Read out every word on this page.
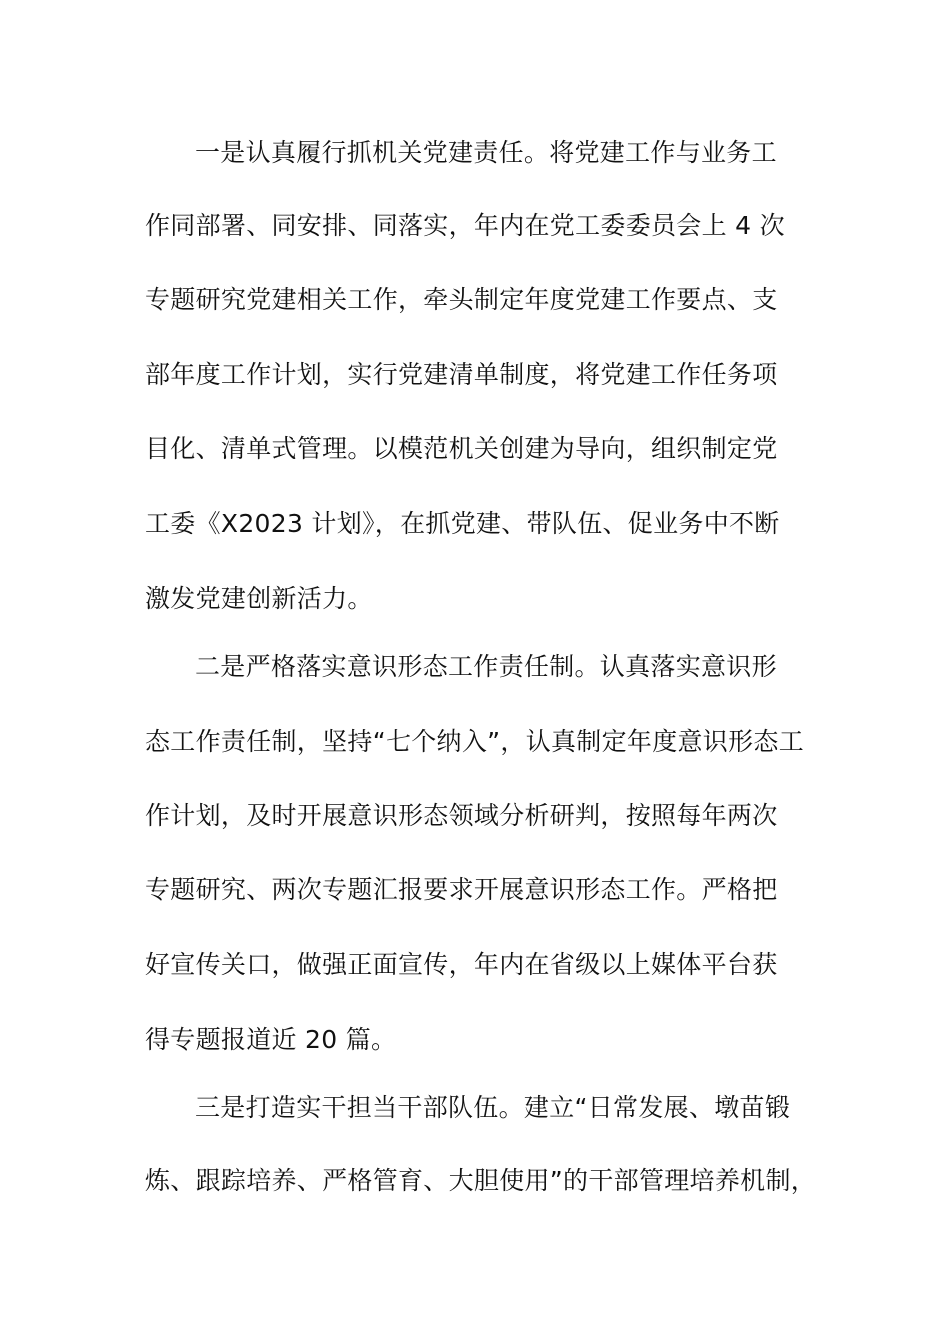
一是认真履行抓机关党建责任。将党建工作与业务工
作同部署、同安排、同落实，年内在党工委委员会上 4 次
专题研究党建相关工作，牵头制定年度党建工作要点、支
部年度工作计划，实行党建清单制度，将党建工作任务项
目化、清单式管理。以模范机关创建为导向，组织制定党
工委《X2023 计划》，在抓党建、带队伍、促业务中不断
激发党建创新活力。
二是严格落实意识形态工作责任制。认真落实意识形
态工作责任制，坚持“七个纳入”，认真制定年度意识形态工
作计划，及时开展意识形态领域分析研判，按照每年两次
专题研究、两次专题汇报要求开展意识形态工作。严格把
好宣传关口，做强正面宣传，年内在省级以上媒体平台获
得专题报道近 20 篇。
三是打造实干担当干部队伍。建立“日常发展、墩苗锻
炼、跟踪培养、严格管育、大胆使用”的干部管理培养机制，
